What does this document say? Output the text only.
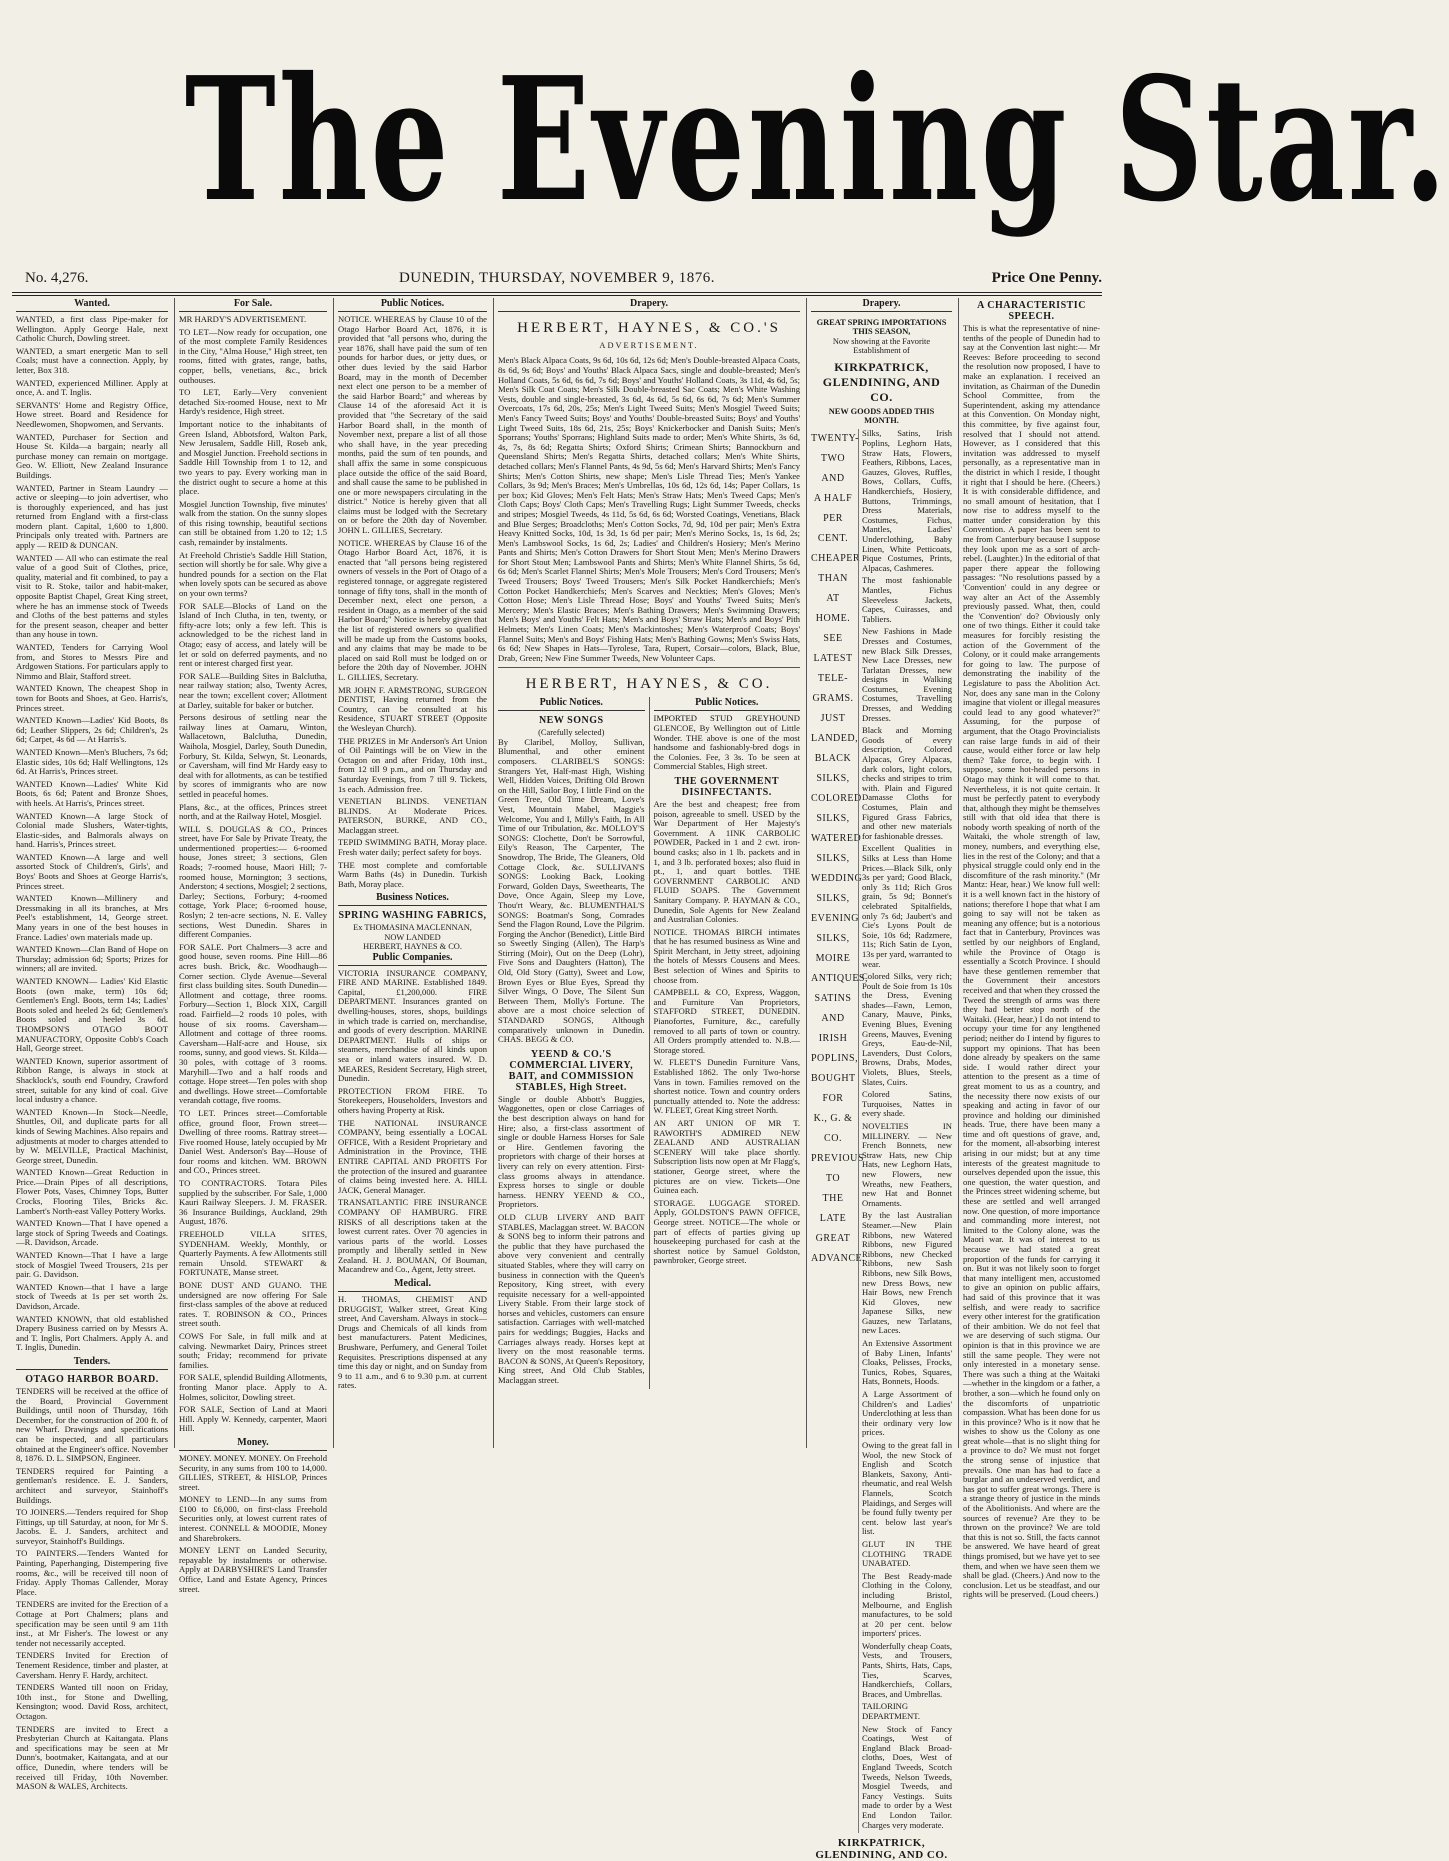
The Evening Star.
DUNEDIN, THURSDAY, NOVEMBER 9, 1876.
No. 4,276.	Price One Penny.
Wanted.

WANTED, a first class Pipe-maker for Wellington. Apply George Hale, next Catholic Church, Dowling street.

WANTED, a smart energetic Man to sell Coals; must have a connection. Apply, by letter, Box 318.

WANTED, experienced Milliner. Apply at once, A. and T. Inglis.

SERVANTS' Home and Registry Office, Howe street. Board and Residence for Needlewomen, Shopwomen, and Servants.

WANTED, Purchaser for Section and House St. Kilda—a bargain; nearly all purchase money can remain on mortgage. Geo. W. Elliott, New Zealand Insurance Buildings.

WANTED, Partner in Steam Laundry —active or sleeping—to join advertiser, who is thoroughly experienced, and has just returned from England with a first-class modern plant. Capital, 1,600 to 1,800. Principals only treated with. Partners are apply — REID & DUNCAN.

WANTED — All who can estimate the real value of a good Suit of Clothes, price, quality, material and fit combined, to pay a visit to R. Stoke, tailor and habit-maker, opposite Baptist Chapel, Great King street, where he has an immense stock of Tweeds and Cloths of the best patterns and styles for the present season, cheaper and better than any house in town.

WANTED, Tenders for Carrying Wool from, and Stores to Messrs Pire and Ardgowen Stations. For particulars apply to Nimmo and Blair, Stafford street.

WANTED Known, The cheapest Shop in town for Boots and Shoes, at Geo. Harris's, Princes street.

WANTED Known—Ladies' Kid Boots, 8s 6d; Leather Slippers, 2s 6d; Children's, 2s 6d; Carpet, 4s 6d — At Harris's.

WANTED Known—Men's Bluchers, 7s 6d; Elastic sides, 10s 6d; Half Wellingtons, 12s 6d. At Harris's, Princes street.

WANTED Known—Ladies' White Kid Boots, 6s 6d; Patent and Bronze Shoes, with heels. At Harris's, Princes street.

WANTED Known—A large Stock of Colonial made Slushers, Water-tights, Elastic-sides, and Balmorals always on hand. Harris's, Princes street.

WANTED Known—A large and well assorted Stock of Children's, Girls', and Boys' Boots and Shoes at George Harris's, Princes street.

WANTED Known—Millinery and Dressmaking in all its branches, at Mrs Peel's establishment, 14, George street. Many years in one of the best houses in France. Ladies' own materials made up.

WANTED Known—Clan Band of Hope on Thursday; admission 6d; Sports; Prizes for winners; all are invited.

WANTED KNOWN— Ladies' Kid Elastic Boots (own make, term) 10s 6d; Gentlemen's Engl. Boots, term 14s; Ladies' Boots soled and heeled 2s 6d; Gentlemen's Boots soled and heeled 3s 6d. THOMPSON'S OTAGO BOOT MANUFACTORY, Opposite Cobb's Coach Hall, George street.

WANTED Known, superior assortment of Ribbon Range, is always in stock at Shacklock's, south end Foundry, Crawford street, suitable for any kind of coal. Give local industry a chance.

WANTED Known—In Stock—Needle, Shuttles, Oil, and duplicate parts for all kinds of Sewing Machines. Also repairs and adjustments at moder to charges attended to by W. MELVILLE, Practical Machinist, George street, Dunedin.

WANTED Known—Great Reduction in Price.—Drain Pipes of all descriptions, Flower Pots, Vases, Chimney Tops, Butter Crocks, Flooring Tiles, Bricks &c. Lambert's North-east Valley Pottery Works.

WANTED Known—That I have opened a large stock of Spring Tweeds and Coatings.—R. Davidson, Arcade.

WANTED Known—That I have a large stock of Mosgiel Tweed Trousers, 21s per pair. G. Davidson.

WANTED Known—that I have a large stock of Tweeds at 1s per set worth 2s. Davidson, Arcade.

WANTED KNOWN, that old established Drapery Business carried on by Messrs A. and T. Inglis, Port Chalmers. Apply A. and T. Inglis, Dunedin.

Tenders.
OTAGO HARBOR BOARD.

TENDERS will be received at the office of the Board, Provincial Government Buildings, until noon of Thursday, 16th December, for the construction of 200 ft. of new Wharf. Drawings and specifications can be inspected, and all particulars obtained at the Engineer's office. November 8, 1876. D. L. SIMPSON, Engineer.

TENDERS required for Painting a gentleman's residence. E. J. Sanders, architect and surveyor, Stainhoff's Buildings.

TO JOINERS.—Tenders required for Shop Fittings, up till Saturday, at noon, for Mr S. Jacobs. E. J. Sanders, architect and surveyor, Stainhoff's Buildings.

TO PAINTERS.—Tenders Wanted for Painting, Paperhanging, Distempering five rooms, &c., will be received till noon of Friday. Apply Thomas Callender, Moray Place.

TENDERS are invited for the Erection of a Cottage at Port Chalmers; plans and specification may be seen until 9 am 11th inst., at Mr Fisher's. The lowest or any tender not necessarily accepted.

TENDERS Invited for Erection of Tenement Residence, timber and plaster, at Caversham. Henry F. Hardy, architect.

TENDERS Wanted till noon on Friday, 10th inst., for Stone and Dwelling, Kensington; wood. David Ross, architect, Octagon.

TENDERS are invited to Erect a Presbyterian Church at Kaitangata. Plans and specifications may be seen at Mr Dunn's, bootmaker, Kaitangata, and at our office, Dunedin, where tenders will be received till Friday, 10th November. MASON & WALES, Architects.

For Sale.

MR HARDY'S ADVERTISEMENT.

TO LET—Now ready for occupation, one of the most complete Family Residences in the City, "Alma House," High street, ten rooms, fitted with grates, range, baths, copper, bells, venetians, &c., brick outhouses.

TO LET, Early—Very convenient detached Six-roomed House, next to Mr Hardy's residence, High street.

Important notice to the inhabitants of Green Island, Abbotsford, Walton Park, New Jerusalem, Saddle Hill, Roseb ank, and Mosgiel Junction. Freehold sections in Saddle Hill Township from 1 to 12, and two years to pay. Every working man in the district ought to secure a home at this place.

Mosgiel Junction Township, five minutes' walk from the station. On the sunny slopes of this rising township, beautiful sections can still be obtained from 1.20 to 12; 1.5 cash, remainder by instalments.

At Freehold Christie's Saddle Hill Station, section will shortly be for sale. Why give a hundred pounds for a section on the Flat when lovely spots can be secured as above on your own terms?

FOR SALE—Blocks of Land on the Island of Inch Clutha, in ten, twenty, or fifty-acre lots; only a few left. This is acknowledged to be the richest land in Otago; easy of access, and lately will be let or sold on deferred payments, and no rent or interest charged first year.

FOR SALE—Building Sites in Balclutha, near railway station; also, Twenty Acres, near the town; excellent cover; Allotment at Darley, suitable for baker or butcher.

Persons desirous of settling near the railway lines at Oamaru, Winton, Wallacetown, Balclutha, Dunedin, Waihola, Mosgiel, Darley, South Dunedin, Forbury, St. Kilda, Selwyn, St. Leonards, or Caversham, will find Mr Hardy easy to deal with for allotments, as can be testified by scores of immigrants who are now settled in peaceful homes.

Plans, &c., at the offices, Princes street north, and at the Railway Hotel, Mosgiel.

WILL S. DOUGLAS & CO., Princes street, have For Sale by Private Treaty, the undermentioned properties:— 6-roomed house, Jones street; 3 sections, Glen Roads; 7-roomed house, Maori Hill; 7-roomed house, Mornington; 3 sections, Anderston; 4 sections, Mosgiel; 2 sections, Darley; Sections, Forbury; 4-roomed cottage, York Place; 6-roomed house, Roslyn; 2 ten-acre sections, N. E. Valley sections, West Dunedin. Shares in different Companies.

FOR SALE. Port Chalmers—3 acre and good house, seven rooms. Pine Hill—86 acres bush. Brick, &c. Woodhaugh—Corner section. Clyde Avenue—Several first class building sites. South Dunedin—Allotment and cottage, three rooms. Forbury—Section 1, Block XIX, Cargill road. Fairfield—2 roods 10 poles, with house of six rooms. Caversham—Allotment and cottage of three rooms. Caversham—Half-acre and House, six rooms, sunny, and good views. St. Kilda—30 poles, with cottage of 3 rooms. Maryhill—Two and a half roods and cottage. Hope street—Ten poles with shop and dwellings. Howe street—Comfortable verandah cottage, five rooms.

TO LET. Princes street—Comfortable office, ground floor, Frown street—Dwelling of three rooms. Rattray street—Five roomed House, lately occupied by Mr Daniel West. Anderson's Bay—House of four rooms and kitchen. WM. BROWN and CO., Princes street.

TO CONTRACTORS. Totara Piles supplied by the subscriber. For Sale, 1,000 Kauri Railway Sleepers. J. M. FRASER. 36 Insurance Buildings, Auckland, 29th August, 1876.

FREEHOLD VILLA SITES, SYDENHAM. Weekly, Monthly, or Quarterly Payments. A few Allotments still remain Unsold. STEWART & FORTUNATE, Manse street.

BONE DUST AND GUANO. THE undersigned are now offering For Sale first-class samples of the above at reduced rates. T. ROBINSON & CO., Princes street south.

COWS For Sale, in full milk and at calving. Newmarket Dairy, Princes street south; Friday; recommend for private families.

FOR SALE, splendid Building Allotments, fronting Manor place. Apply to A. Holmes, solicitor, Dowling street.

FOR SALE, Section of Land at Maori Hill. Apply W. Kennedy, carpenter, Maori Hill.

Money.

MONEY. MONEY. MONEY. On Freehold Security, in any sums from 100 to 14,000. GILLIES, STREET, & HISLOP, Princes street.

MONEY to LEND—In any sums from £100 to £6,000, on first-class Freehold Securities only, at lowest current rates of interest. CONNELL & MOODIE, Money and Sharebrokers.

MONEY LENT on Landed Security, repayable by instalments or otherwise. Apply at DARBYSHIRE'S Land Transfer Office, Land and Estate Agency, Princes street.

Public Notices.

NOTICE. WHEREAS by Clause 10 of the Otago Harbor Board Act, 1876, it is provided that "all persons who, during the year 1876, shall have paid the sum of ten pounds for harbor dues, or jetty dues, or other dues levied by the said Harbor Board, may in the month of December next elect one person to be a member of the said Harbor Board;" and whereas by Clause 14 of the aforesaid Act it is provided that "the Secretary of the said Harbor Board shall, in the month of November next, prepare a list of all those who shall have, in the year preceding months, paid the sum of ten pounds, and shall affix the same in some conspicuous place outside the office of the said Board, and shall cause the same to be published in one or more newspapers circulating in the district." Notice is hereby given that all claims must be lodged with the Secretary on or before the 20th day of November. JOHN L. GILLIES, Secretary.

NOTICE. WHEREAS by Clause 16 of the Otago Harbor Board Act, 1876, it is enacted that "all persons being registered owners of vessels in the Port of Otago of a registered tonnage, or aggregate registered tonnage of fifty tons, shall in the month of December next, elect one person, a resident in Otago, as a member of the said Harbor Board;" Notice is hereby given that the list of registered owners so qualified will be made up from the Customs books, and any claims that may be made to be placed on said Roll must be lodged on or before the 20th day of November. JOHN L. GILLIES, Secretary.

MR JOHN F. ARMSTRONG, SURGEON DENTIST, Having returned from the Country, can be consulted at his Residence, STUART STREET (Opposite the Wesleyan Church).

THE PRIZES in Mr Anderson's Art Union of Oil Paintings will be on View in the Octagon on and after Friday, 10th inst., from 12 till 9 p.m., and on Thursday and Saturday Evenings, from 7 till 9. Tickets, 1s each. Admission free.

VENETIAN BLINDS. VENETIAN BLINDS. At Moderate Prices. PATERSON, BURKE, AND CO., Maclaggan street.

TEPID SWIMMING BATH, Moray place. Fresh water daily; perfect safety for boys.

THE most complete and comfortable Warm Baths (4s) in Dunedin. Turkish Bath, Moray place.

Business Notices.
SPRING WASHING FABRICS,
Ex THOMASINA MACLENNAN,
NOW LANDED
HERBERT, HAYNES & CO.
Public Companies.

VICTORIA INSURANCE COMPANY, FIRE AND MARINE. Established 1849. Capital, £1,200,000. FIRE DEPARTMENT. Insurances granted on dwelling-houses, stores, shops, buildings in which trade is carried on, merchandise, and goods of every description. MARINE DEPARTMENT. Hulls of ships or steamers, merchandise of all kinds upon sea or inland waters insured. W. D. MEARES, Resident Secretary, High street, Dunedin.

PROTECTION FROM FIRE. To Storekeepers, Householders, Investors and others having Property at Risk.

THE NATIONAL INSURANCE COMPANY, being essentially a LOCAL OFFICE, With a Resident Proprietary and Administration in the Province, THE ENTIRE CAPITAL AND PROFITS For the protection of the insured and guarantee of claims being invested here. A. HILL JACK, General Manager.

TRANSATLANTIC FIRE INSURANCE COMPANY OF HAMBURG. FIRE RISKS of all descriptions taken at the lowest current rates. Over 70 agencies in various parts of the world. Losses promptly and liberally settled in New Zealand. H. J. BOUMAN, Of Bouman, Macandrew and Co., Agent, Jetty street.

Medical.

H. THOMAS, CHEMIST AND DRUGGIST, Walker street, Great King street, And Caversham. Always in stock—Drugs and Chemicals of all kinds from best manufacturers. Patent Medicines, Brushware, Perfumery, and General Toilet Requisites. Prescriptions dispensed at any time this day or night, and on Sunday from 9 to 11 a.m., and 6 to 9.30 p.m. at current rates.

Drapery.
HERBERT, HAYNES, & CO.'S
ADVERTISEMENT.

Men's Black Alpaca Coats, 9s 6d, 10s 6d, 12s 6d; Men's Double-breasted Alpaca Coats, 8s 6d, 9s 6d; Boys' and Youths' Black Alpaca Sacs, single and double-breasted; Men's Holland Coats, 5s 6d, 6s 6d, 7s 6d; Boys' and Youths' Holland Coats, 3s 11d, 4s 6d, 5s; Men's Silk Coat Coats; Men's Silk Double-breasted Sac Coats; Men's White Washing Vests, double and single-breasted, 3s 6d, 4s 6d, 5s 6d, 6s 6d, 7s 6d; Men's Summer Overcoats, 17s 6d, 20s, 25s; Men's Light Tweed Suits; Men's Mosgiel Tweed Suits; Men's Fancy Tweed Suits; Boys' and Youths' Double-breasted Suits; Boys' and Youths' Light Tweed Suits, 18s 6d, 21s, 25s; Boys' Knickerbocker and Danish Suits; Men's Sporrans; Youths' Sporrans; Highland Suits made to order; Men's White Shirts, 3s 6d, 4s, 7s, 8s 6d; Regatta Shirts; Oxford Shirts; Crimean Shirts; Bannockburn and Queensland Shirts; Men's Regatta Shirts, detached collars; Men's White Shirts, detached collars; Men's Flannel Pants, 4s 9d, 5s 6d; Men's Harvard Shirts; Men's Fancy Shirts; Men's Cotton Shirts, new shape; Men's Lisle Thread Ties; Men's Yankee Collars, 3s 9d; Men's Braces; Men's Umbrellas, 10s 6d, 12s 6d, 14s; Paper Collars, 1s per box; Kid Gloves; Men's Felt Hats; Men's Straw Hats; Men's Tweed Caps; Men's Cloth Caps; Boys' Cloth Caps; Men's Travelling Rugs; Light Summer Tweeds, checks and stripes; Mosgiel Tweeds, 4s 11d, 5s 6d, 6s 6d; Worsted Coatings, Venetians, Black and Blue Serges; Broadcloths; Men's Cotton Socks, 7d, 9d, 10d per pair; Men's Extra Heavy Knitted Socks, 10d, 1s 3d, 1s 6d per pair; Men's Merino Socks, 1s, 1s 6d, 2s; Men's Lambswool Socks, 1s 6d, 2s; Ladies' and Children's Hosiery; Men's Merino Pants and Shirts; Men's Cotton Drawers for Short Stout Men; Men's Merino Drawers for Short Stout Men; Lambswool Pants and Shirts; Men's White Flannel Shirts, 5s 6d, 6s 6d; Men's Scarlet Flannel Shirts; Men's Mole Trousers; Men's Cord Trousers; Men's Tweed Trousers; Boys' Tweed Trousers; Men's Silk Pocket Handkerchiefs; Men's Cotton Pocket Handkerchiefs; Men's Scarves and Neckties; Men's Gloves; Men's Cotton Hose; Men's Lisle Thread Hose; Boys' and Youths' Tweed Suits; Men's Mercery; Men's Elastic Braces; Men's Bathing Drawers; Men's Swimming Drawers; Men's Boys' and Youths' Felt Hats; Men's and Boys' Straw Hats; Men's and Boys' Pith Helmets; Men's Linen Coats; Men's Mackintoshes; Men's Waterproof Coats; Boys' Flannel Suits; Men's and Boys' Fishing Hats; Men's Bathing Gowns; Men's Swiss Hats, 6s 6d; New Shapes in Hats—Tyrolese, Tara, Rupert, Corsair—colors, Black, Blue, Drab, Green; New Fine Summer Tweeds, New Volunteer Caps.

HERBERT, HAYNES, & CO.
Public Notices.
NEW SONGS
(Carefully selected)

By Claribel, Molloy, Sullivan, Blumenthal, and other eminent composers. CLARIBEL'S SONGS: Strangers Yet, Half-mast High, Wishing Well, Hidden Voices, Drifting Old Brown on the Hill, Sailor Boy, I little Find on the Green Tree, Old Time Dream, Love's Vest, Mountain Mabel, Maggie's Welcome, You and I, Milly's Faith, In All Time of our Tribulation, &c. MOLLOY'S SONGS: Clochette, Don't be Sorrowful, Eily's Reason, The Carpenter, The Snowdrop, The Bride, The Gleaners, Old Cottage Clock, &c. SULLIVAN'S SONGS: Looking Back, Looking Forward, Golden Days, Sweethearts, The Dove, Once Again, Sleep my Love, Thou'rt Weary, &c. BLUMENTHAL'S SONGS: Boatman's Song, Comrades Send the Flagon Round, Love the Pilgrim. Forging the Anchor (Benedict), Little Bird so Sweetly Singing (Allen), The Harp's Stirring (Moir), Out on the Deep (Lohr), Five Sons and Daughters (Hatton), The Old, Old Story (Gatty), Sweet and Low, Brown Eyes or Blue Eyes, Spread thy Silver Wings, O Dove, The Silent Sun Between Them, Molly's Fortune. The above are a most choice selection of STANDARD SONGS, Although comparatively unknown in Dunedin. CHAS. BEGG & CO.

YEEND & CO.'S COMMERCIAL LIVERY, BAIT, and COMMISSION STABLES, High Street.

Single or double Abbott's Buggies, Waggonettes, open or close Carriages of the best description always on hand for Hire; also, a first-class assortment of single or double Harness Horses for Sale or Hire. Gentlemen favoring the proprietors with charge of their horses at livery can rely on every attention. First-class grooms always in attendance. Express horses to single or double harness. HENRY YEEND & CO., Proprietors.

OLD CLUB LIVERY AND BAIT STABLES, Maclaggan street. W. BACON & SONS beg to inform their patrons and the public that they have purchased the above very convenient and centrally situated Stables, where they will carry on business in connection with the Queen's Repository, King street, with every requisite necessary for a well-appointed Livery Stable. From their large stock of horses and vehicles, customers can ensure satisfaction. Carriages with well-matched pairs for weddings; Buggies, Hacks and Carriages always ready. Horses kept at livery on the most reasonable terms. BACON & SONS, At Queen's Repository, King street, And Old Club Stables, Maclaggan street.

Public Notices.

IMPORTED STUD GREYHOUND GLENCOE, By Wellington out of Little Wonder. THE above is one of the most handsome and fashionably-bred dogs in the Colonies. Fee, 3 3s. To be seen at Commercial Stables, High street.

THE GOVERNMENT DISINFECTANTS.

Are the best and cheapest; free from poison, agreeable to smell. USED by the War Department of Her Majesty's Government. A 1INK CARBOLIC POWDER, Packed in 1 and 2 cwt. iron-bound casks; also in 1 lb. packets and in 1, and 3 lb. perforated boxes; also fluid in pt., 1, and quart bottles. THE GOVERNMENT CARBOLIC AND FLUID SOAPS. The Government Sanitary Company. P. HAYMAN & CO., Dunedin, Sole Agents for New Zealand and Australian Colonies.

NOTICE. THOMAS BIRCH intimates that he has resumed business as Wine and Spirit Merchant, in Jetty street, adjoining the hotels of Messrs Cousens and Mees. Best selection of Wines and Spirits to choose from.

CAMPBELL & CO, Express, Waggon, and Furniture Van Proprietors, STAFFORD STREET, DUNEDIN. Pianofortes, Furniture, &c., carefully removed to all parts of town or country. All Orders promptly attended to. N.B.—Storage stored.

W. FLEET'S Dunedin Furniture Vans, Established 1862. The only Two-horse Vans in town. Families removed on the shortest notice. Town and country orders punctually attended to. Note the address: W. FLEET, Great King street North.

AN ART UNION OF MR T. RAWORTH'S ADMIRED NEW ZEALAND AND AUSTRALIAN SCENERY Will take place shortly. Subscription lists now open at Mr Flagg's, stationer, George street, where the pictures are on view. Tickets—One Guinea each.

STORAGE. LUGGAGE STORED. Apply, GOLDSTON'S PAWN OFFICE, George street. NOTICE—The whole or part of effects of parties giving up housekeeping purchased for cash at the shortest notice by Samuel Goldston, pawnbroker, George street.

Drapery.
GREAT SPRING IMPORTATIONS THIS SEASON,
Now showing at the Favorite Establishment of
KIRKPATRICK, GLENDINING, AND CO.
NEW GOODS ADDED THIS MONTH.
TWENTY-
TWO AND
A HALF
PER CENT.
CHEAPER
THAN
AT
HOME.
SEE
LATEST
TELE-
GRAMS.
JUST
LANDED,
BLACK
SILKS,
COLORED
SILKS,
WATERED
SILKS,
WEDDING
SILKS,
EVENING
SILKS,
MOIRE
ANTIQUES,
SATINS
AND
IRISH
POPLINS,
BOUGHT
FOR
K., G. & CO.
PREVIOUS
TO
THE
LATE
GREAT
ADVANCE.

Silks, Satins, Irish Poplins, Leghorn Hats, Straw Hats, Flowers, Feathers, Ribbons, Laces, Gauzes, Gloves, Ruffles, Bows, Collars, Cuffs, Handkerchiefs, Hosiery, Buttons, Trimmings, Dress Materials, Costumes, Fichus, Mantles, Ladies' Underclothing, Baby Linen, White Petticoats, Pique Costumes, Prints, Alpacas, Cashmeres.

The most fashionable Mantles, Fichus Sleeveless Jackets, Capes, Cuirasses, and Tabliers.

New Fashions in Made Dresses and Costumes, new Black Silk Dresses, New Lace Dresses, new Tarlatan Dresses, new designs in Walking Costumes, Evening Costumes, Travelling Dresses, and Wedding Dresses.

Black and Morning Goods of every description, Colored Alpacas, Grey Alpacas, dark colors, light colors, checks and stripes to trim with. Plain and Figured Damasse Cloths for Costumes, Plain and Figured Grass Fabrics, and other new materials for fashionable dresses.

Excellent Qualities in Silks at Less than Home Prices.—Black Silk, only 3s per yard; Good Black, only 3s 11d; Rich Gros grain, 5s 9d; Bonnet's celebrated Spitalfields, only 7s 6d; Jaubert's and Cie's Lyons Poult de Soie, 10s 6d; Radzmere, 11s; Rich Satin de Lyon, 13s per yard, warranted to wear.

Colored Silks, very rich; Poult de Soie from 1s 10s the Dress, Evening shades—Fawn, Lemon, Canary, Mauve, Pinks, Evening Blues, Evening Greens, Mauves, Evening Greys, Eau-de-Nil, Lavenders, Dust Colors, Browns, Drabs, Modes, Violets, Blues, Steels, Slates, Cuirs.

Colored Satins, Turquoises, Nattes in every shade.

NOVELTIES IN MILLINERY. — New French Bonnets, new Straw Hats, new Chip Hats, new Leghorn Hats, new Flowers, new Wreaths, new Feathers, new Hat and Bonnet Ornaments.

By the last Australian Steamer.—New Plain Ribbons, new Watered Ribbons, new Figured Ribbons, new Checked Ribbons, new Sash Ribbons, new Silk Bows, new Dress Bows, new Hair Bows, new French Kid Gloves, new Japanese Silks, new Gauzes, new Tarlatans, new Laces.

An Extensive Assortment of Baby Linen, Infants' Cloaks, Pelisses, Frocks, Tunics, Robes, Squares, Hats, Bonnets, Hoods.

A Large Assortment of Children's and Ladies' Underclothing at less than their ordinary very low prices.

Owing to the great fall in Wool, the new Stock of English and Scotch Blankets, Saxony, Anti-rheumatic, and real Welsh Flannels, Scotch Plaidings, and Serges will be found fully twenty per cent. below last year's list.

GLUT IN THE CLOTHING TRADE UNABATED.

The Best Ready-made Clothing in the Colony, including Bristol, Melbourne, and English manufactures, to be sold at 20 per cent. below importers' prices.

Wonderfully cheap Coats, Vests, and Trousers, Pants, Shirts, Hats, Caps, Ties, Scarves, Handkerchiefs, Collars, Braces, and Umbrellas.

TAILORING DEPARTMENT.

New Stock of Fancy Coatings, West of England Black Broad-cloths, Does, West of England Tweeds, Scotch Tweeds, Nelson Tweeds, Mosgiel Tweeds, and Fancy Vestings. Suits made to order by a West End London Tailor. Charges very moderate.

KIRKPATRICK, GLENDINING, AND CO.
A CHARACTERISTIC SPEECH.

This is what the representative of nine-tenths of the people of Dunedin had to say at the Convention last night:— Mr Reeves: Before proceeding to second the resolution now proposed, I have to make an explanation. I received an invitation, as Chairman of the Dunedin School Committee, from the Superintendent, asking my attendance at this Convention. On Monday night, this committee, by five against four, resolved that I should not attend. However, as I considered that this invitation was addressed to myself personally, as a representative man in the district in which I reside, I thought it right that I should be here. (Cheers.) It is with considerable diffidence, and no small amount of hesitation, that I now rise to address myself to the matter under consideration by this Convention. A paper has been sent to me from Canterbury because I suppose they look upon me as a sort of arch-rebel. (Laughter.) In the editorial of that paper there appear the following passages: "No resolutions passed by a 'Convention' could in any degree or way alter an Act of the Assembly previously passed. What, then, could the 'Convention' do? Obviously only one of two things. Either it could take measures for forcibly resisting the action of the Government of the Colony, or it could make arrangements for going to law. The purpose of demonstrating the inability of the Legislature to pass the Abolition Act. Nor, does any sane man in the Colony imagine that violent or illegal measures could lead to any good whatever?" Assuming, for the purpose of argument, that the Otago Provincialists can raise large funds in aid of their cause, would either force or law help them? Take force, to begin with. I suppose, some hot-headed persons in Otago may think it will come to that. Nevertheless, it is not quite certain. It must be perfectly patent to everybody that, although they might be themselves still with that old idea that there is nobody worth speaking of north of the Waitaki, the whole strength of law, money, numbers, and everything else, lies in the rest of the Colony; and that a physical struggle could only end in the discomfiture of the rash minority." (Mr Mantz: Hear, hear.) We know full well: it is a well known fact in the history of nations; therefore I hope that what I am going to say will not be taken as meaning any offence; but is a notorious fact that in Canterbury, Provinces was settled by our neighbors of England, while the Province of Otago is essentially a Scotch Province. I should have these gentlemen remember that the Government their ancestors received and that when they crossed the Tweed the strength of arms was there they had better stop north of the Waitaki. (Hear, hear.) I do not intend to occupy your time for any lengthened period; neither do I intend by figures to support my opinions. That has been done already by speakers on the same side. I would rather direct your attention to the present as a time of great moment to us as a country, and the necessity there now exists of our speaking and acting in favor of our province and holding our diminished heads. True, there have been many a time and oft questions of grave, and, for the moment, all-absorbing interest arising in our midst; but at any time interests of the greatest magnitude to ourselves depended upon the issue, this one question, the water question, and the Princes street widening scheme, but these are settled and well arranged now. One question, of more importance and commanding more interest, not limited to the Colony alone, was the Maori war. It was of interest to us because we had stated a great proportion of the funds for carrying it on. But it was not likely soon to forget that many intelligent men, accustomed to give an opinion on public affairs, had said of this province that it was selfish, and were ready to sacrifice every other interest for the gratification of their ambition. We do not feel that we are deserving of such stigma. Our opinion is that in this province we are still the same people. They were not only interested in a monetary sense. There was such a thing at the Waitaki—whether in the kingdom or a father, a brother, a son—which he found only on the discomforts of unpatriotic compassion. What has been done for us in this province? Who is it now that he wishes to show us the Colony as one great whole—that is no slight thing for a province to do? We must not forget the strong sense of injustice that prevails. One man has had to face a burglar and an undeserved verdict, and has got to suffer great wrongs. There is a strange theory of justice in the minds of the Abolitionists. And where are the sources of revenue? Are they to be thrown on the province? We are told that this is not so. Still, the facts cannot be answered. We have heard of great things promised, but we have yet to see them, and when we have seen them we shall be glad. (Cheers.) And now to the conclusion. Let us be steadfast, and our rights will be preserved. (Loud cheers.)
